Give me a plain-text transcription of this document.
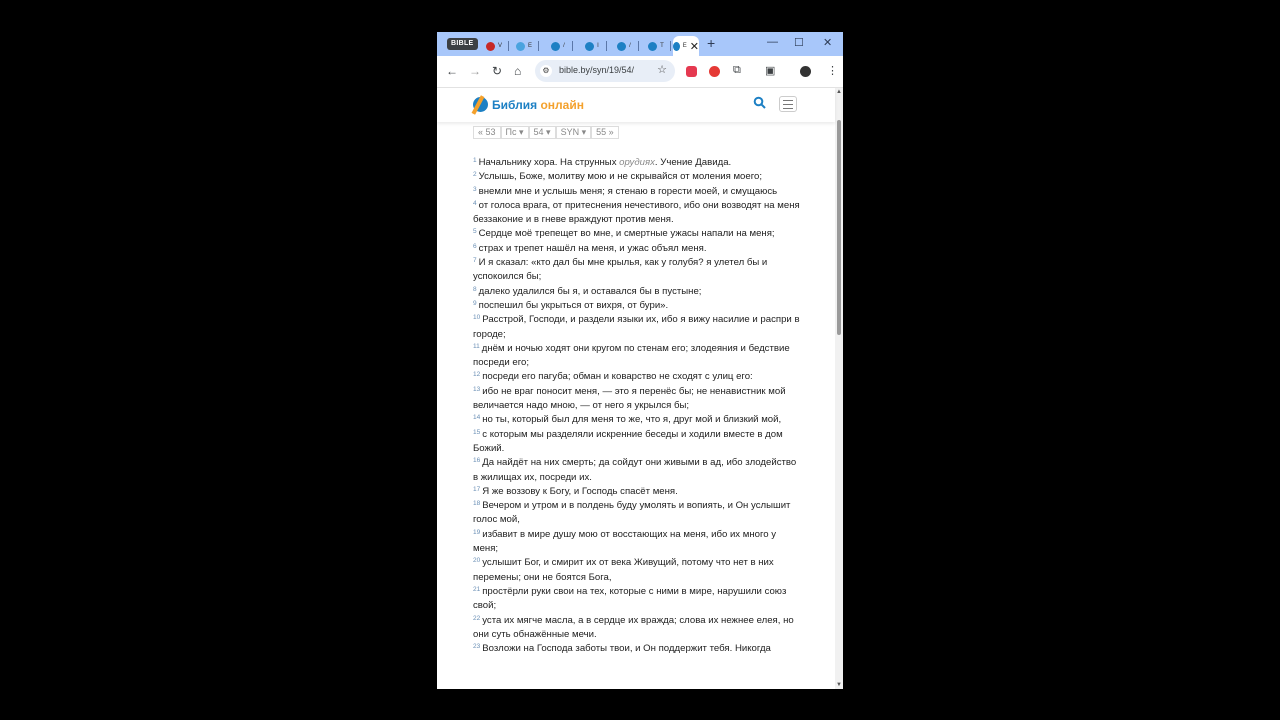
BIBLE	V	E	/	I	/	T	E ✕ +	— ☐ ✕
← → ↻ ⌂	⚙ bible.by/syn/19/54/ ☆	⧉ ▣	⋮
Библия онлайн
« 53 Пс ▾ 54 ▾ SYN ▾ 55 »

$^1$ Начальнику хора. На струнных орудиях. Учение Давида.

$^2$ Услышь, Боже, молитву мою и не скрывайся от моления моего;

$^3$ внемли мне и услышь меня; я стенаю в горести моей, и смущаюсь

$^4$ от голоса врага, от притеснения нечестивого, ибо они возводят на меня беззаконие и в гневе враждуют против меня.

$^5$ Сердце моё трепещет во мне, и смертные ужасы напали на меня;

$^6$ страх и трепет нашёл на меня, и ужас объял меня.

$^7$ И я сказал: «кто дал бы мне крылья, как у голубя? я улетел бы и успокоился бы;

$^8$ далеко удалился бы я, и оставался бы в пустыне;

$^9$ поспешил бы укрыться от вихря, от бури».

$^{10}$ Расстрой, Господи, и раздели языки их, ибо я вижу насилие и распри в городе;

$^{11}$ днём и ночью ходят они кругом по стенам его; злодеяния и бедствие посреди его;

$^{12}$ посреди его пагуба; обман и коварство не сходят с улиц его:

$^{13}$ ибо не враг поносит меня, — это я перенёс бы; не ненавистник мой величается надо мною, — от него я укрылся бы;

$^{14}$ но ты, который был для меня то же, что я, друг мой и близкий мой,

$^{15}$ с которым мы разделяли искренние беседы и ходили вместе в дом Божий.

$^{16}$ Да найдёт на них смерть; да сойдут они живыми в ад, ибо злодейство в жилищах их, посреди их.

$^{17}$ Я же воззову к Богу, и Господь спасёт меня.

$^{18}$ Вечером и утром и в полдень буду умолять и вопиять, и Он услышит голос мой,

$^{19}$ избавит в мире душу мою от восстающих на меня, ибо их много у меня;

$^{20}$ услышит Бог, и смирит их от века Живущий, потому что нет в них перемены; они не боятся Бога,

$^{21}$ простёрли руки свои на тех, которые с ними в мире, нарушили союз свой;

$^{22}$ уста их мягче масла, а в сердце их вражда; слова их нежнее елея, но они суть обнажённые мечи.

$^{23}$ Возложи на Господа заботы твои, и Он поддержит тебя. Никогда

▲
▼
